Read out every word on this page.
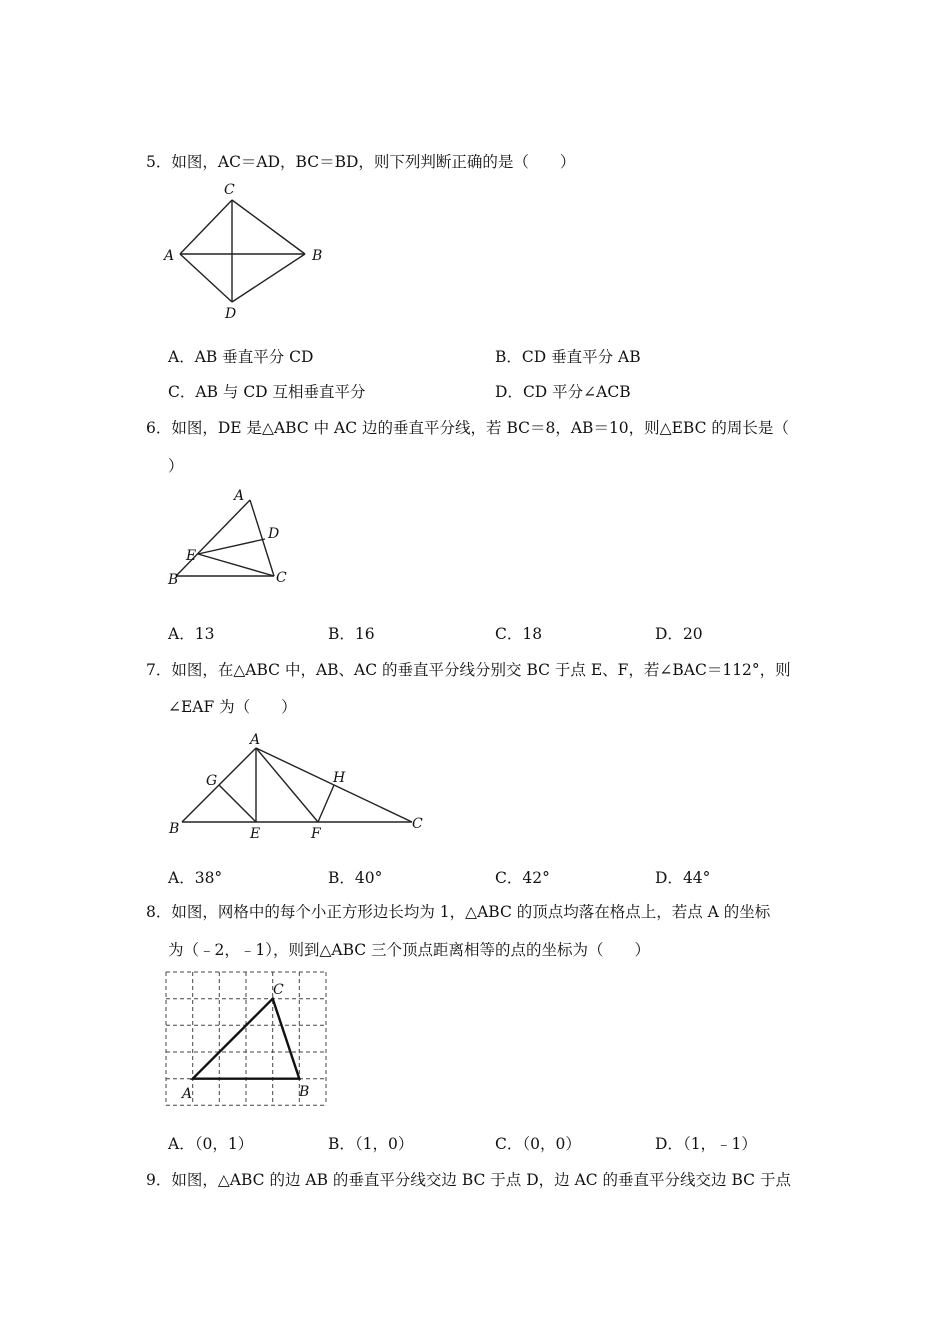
5．如图，AC＝AD，BC＝BD，则下列判断正确的是（　　）
C
A	B
D
A．AB 垂直平分 CD	B．CD 垂直平分 AB
C．AB 与 CD 互相垂直平分	D．CD 平分∠ACB
6．如图，DE 是△ABC 中 AC 边的垂直平分线，若 BC＝8，AB＝10，则△EBC 的周长是（
）
A
D
E
B	C
A．13	B．16	C．18	D．20
7．如图，在△ABC 中，AB、AC 的垂直平分线分别交 BC 于点 E、F，若∠BAC＝112°，则
∠EAF 为（　　）
A
G	H
B	E	F
C
A．38°	B．40°	C．42°	D．44°
8．如图，网格中的每个小正方形边长均为 1，△ABC 的顶点均落在格点上，若点 A 的坐标
为（﹣2，﹣1），则到△ABC 三个顶点距离相等的点的坐标为（　　）
C
A	B
A．（0，1）	B．（1，0）	C．（0，0）	D．（1，﹣1）
9．如图，△ABC 的边 AB 的垂直平分线交边 BC 于点 D，边 AC 的垂直平分线交边 BC 于点
